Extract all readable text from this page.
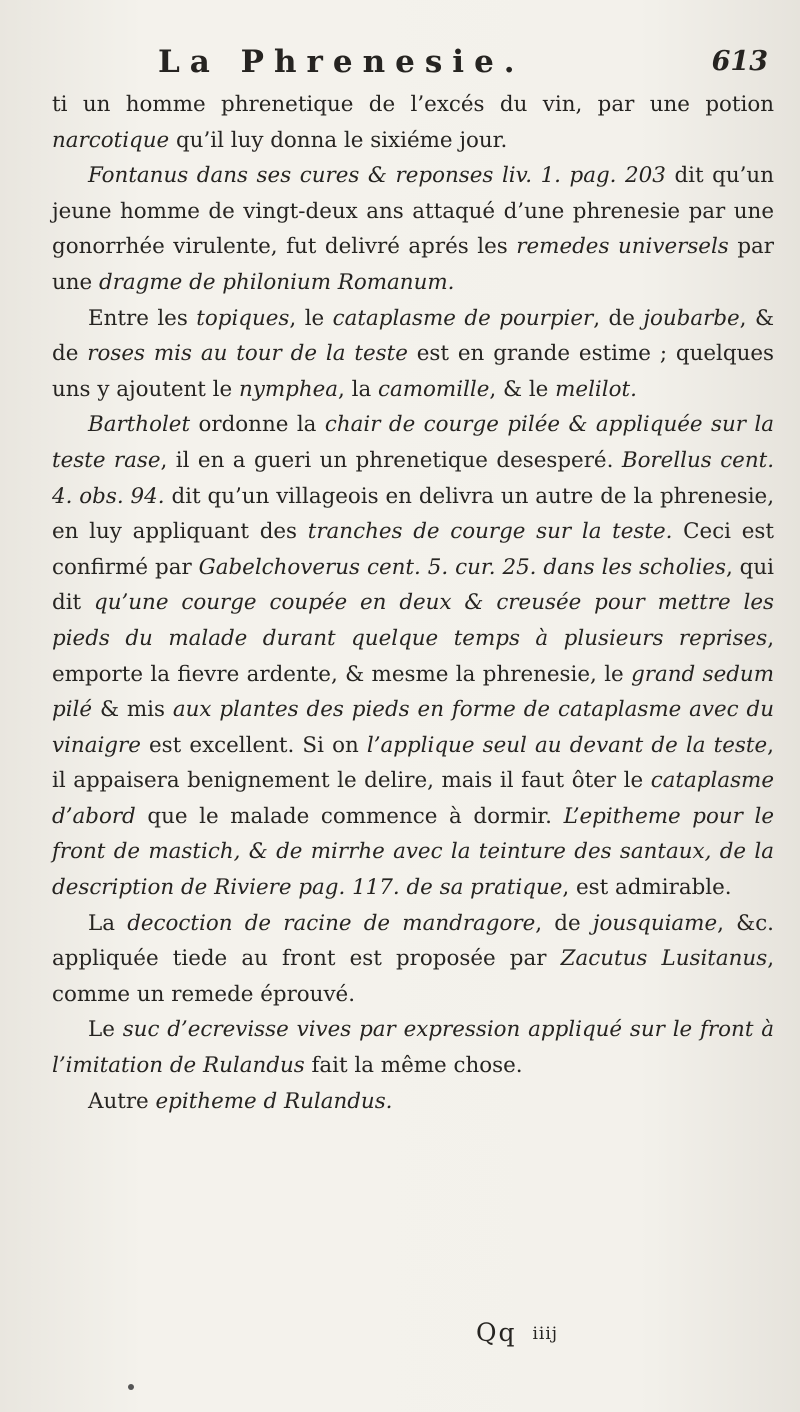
La Phrenesie.	613

ti un homme phrenetique de l’excés du vin, par une potion narcotique qu’il luy donna le sixiéme jour.

Fontanus dans ses cures & reponses liv. 1. pag. 203 dit qu’un jeune homme de vingt-deux ans attaqué d’une phrenesie par une gonorrhée virulente, fut delivré aprés les remedes universels par une dragme de philonium Romanum.

Entre les topiques, le cataplasme de pourpier, de joubarbe, & de roses mis au tour de la teste est en grande estime ; quelques uns y ajoutent le nymphea, la camomille, & le melilot.

Bartholet ordonne la chair de courge pilée & appliquée sur la teste rase, il en a gueri un phrenetique desesperé. Borellus cent. 4. obs. 94. dit qu’un villageois en delivra un autre de la phrenesie, en luy appliquant des tranches de courge sur la teste. Ceci est confirmé par Gabelchoverus cent. 5. cur. 25. dans les scholies, qui dit qu’une courge coupée en deux & creusée pour mettre les pieds du malade durant quelque temps à plusieurs reprises, emporte la fievre ardente, & mesme la phrenesie, le grand sedum pilé & mis aux plantes des pieds en forme de cataplasme avec du vinaigre est excellent. Si on l’applique seul au devant de la teste, il appaisera benignement le delire, mais il faut ôter le cataplasme d’abord que le malade commence à dormir. L’epitheme pour le front de mastich, & de mirrhe avec la teinture des santaux, de la description de Riviere pag. 117. de sa pratique, est admirable.

La decoction de racine de mandragore, de jousquiame, &c. appliquée tiede au front est proposée par Zacutus Lusitanus, comme un remede éprouvé.

Le suc d’ecrevisse vives par expression appliqué sur le front à l’imitation de Rulandus fait la même chose.

Autre epitheme d Rulandus.

Qq iiij
